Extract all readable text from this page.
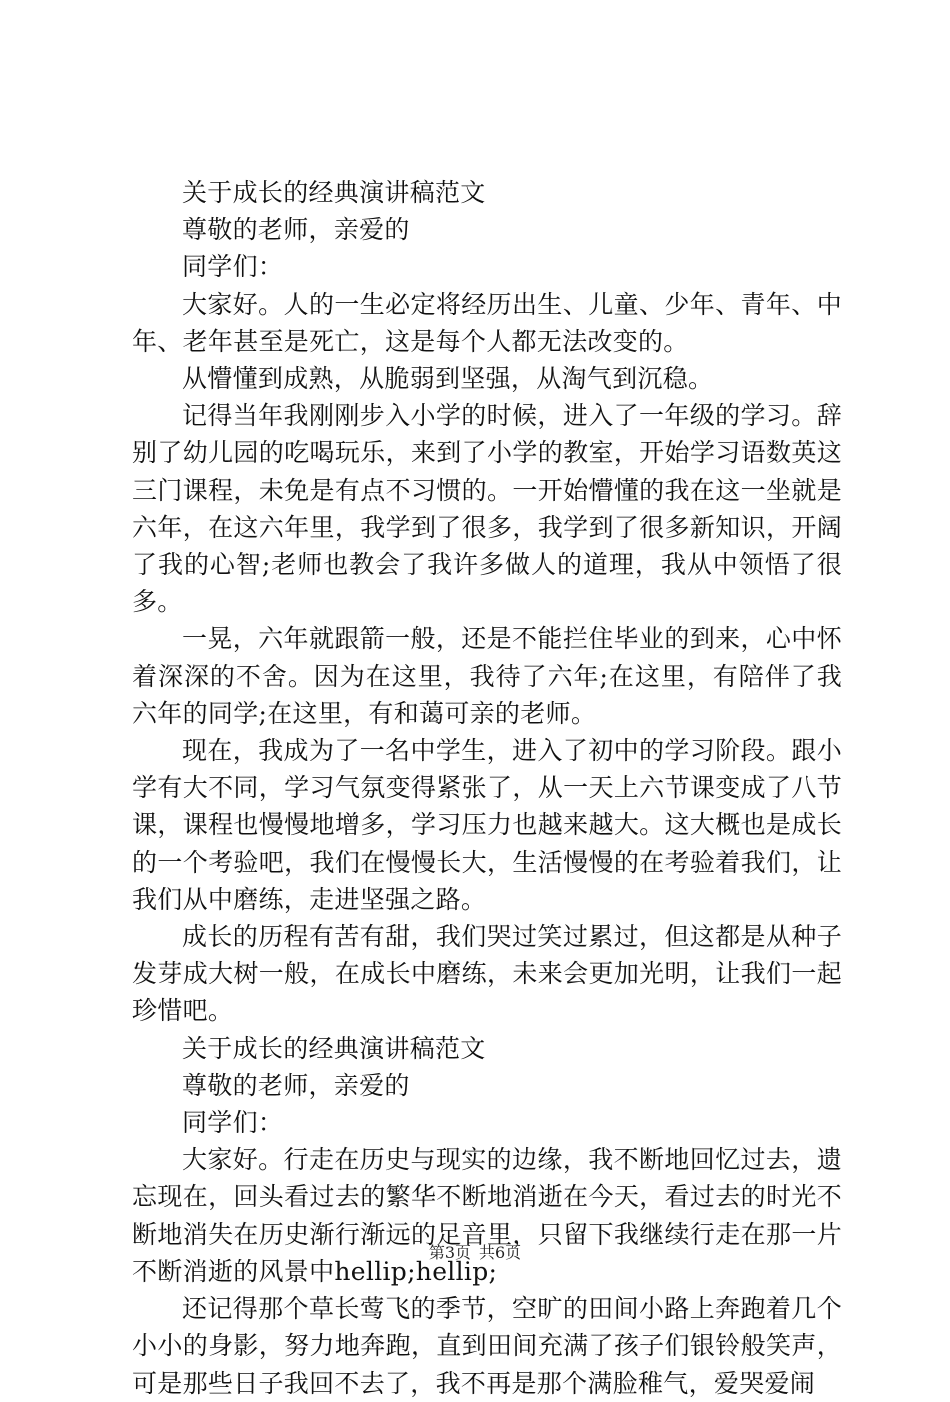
关于成长的经典演讲稿范文

尊敬的老师，亲爱的

同学们：

大家好。人的一生必定将经历出生、儿童、少年、青年、中年、老年甚至是死亡，这是每个人都无法改变的。

从懵懂到成熟，从脆弱到坚强，从淘气到沉稳。

记得当年我刚刚步入小学的时候，进入了一年级的学习。辞别了幼儿园的吃喝玩乐，来到了小学的教室，开始学习语数英这三门课程，未免是有点不习惯的。一开始懵懂的我在这一坐就是六年，在这六年里，我学到了很多，我学到了很多新知识，开阔了我的心智;老师也教会了我许多做人的道理，我从中领悟了很多。

一晃，六年就跟箭一般，还是不能拦住毕业的到来，心中怀着深深的不舍。因为在这里，我待了六年;在这里，有陪伴了我六年的同学;在这里，有和蔼可亲的老师。

现在，我成为了一名中学生，进入了初中的学习阶段。跟小学有大不同，学习气氛变得紧张了，从一天上六节课变成了八节课，课程也慢慢地增多，学习压力也越来越大。这大概也是成长的一个考验吧，我们在慢慢长大，生活慢慢的在考验着我们，让我们从中磨练，走进坚强之路。

成长的历程有苦有甜，我们哭过笑过累过，但这都是从种子发芽成大树一般，在成长中磨练，未来会更加光明，让我们一起珍惜吧。

关于成长的经典演讲稿范文

尊敬的老师，亲爱的

同学们：

大家好。行走在历史与现实的边缘，我不断地回忆过去，遗忘现在，回头看过去的繁华不断地消逝在今天，看过去的时光不断地消失在历史渐行渐远的足音里，只留下我继续行走在那一片不断消逝的风景中hellip;hellip;

还记得那个草长莺飞的季节，空旷的田间小路上奔跑着几个小小的身影，努力地奔跑，直到田间充满了孩子们银铃般笑声，可是那些日子我回不去了，我不再是那个满脸稚气，爱哭爱闹

第3页 共6页
